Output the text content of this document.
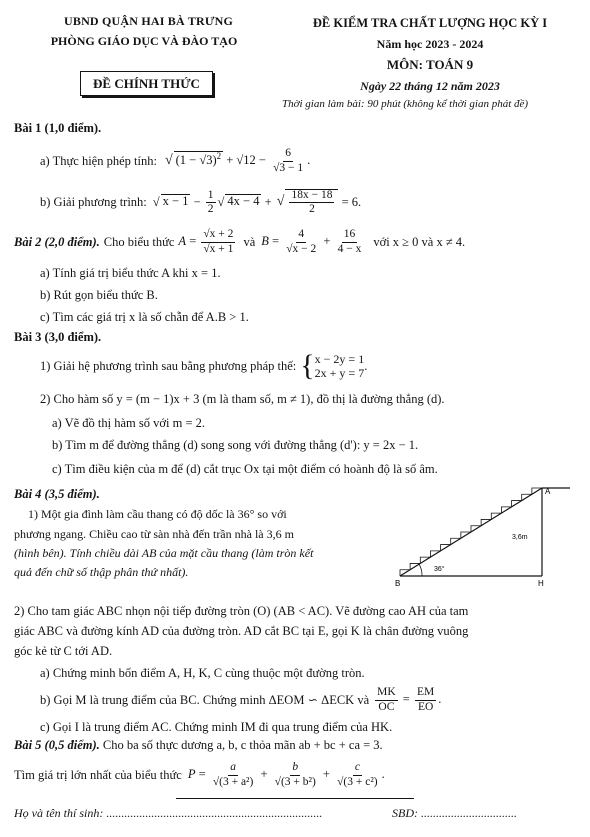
UBND QUẬN HAI BÀ TRƯNG
PHÒNG GIÁO DỤC VÀ ĐÀO TẠO
ĐỀ CHÍNH THỨC
ĐỀ KIỂM TRA CHẤT LƯỢNG HỌC KỲ I
Năm học 2023 - 2024
MÔN: TOÁN 9
Ngày 22 tháng 12 năm 2023
Thời gian làm bài: 90 phút (không kể thời gian phát đề)
Bài 1 (1,0 điểm).
a) Thực hiện phép tính: √ $(1 - √3)^2 + √12 - \frac{6}{√3 - 1}$ .
b) Giải phương trình: √ $x - 1 - \frac{1}{2}$ √ 4x − 4 + √ $\frac{18x - 18}{2} = 6$.
Bài 2 (2,0 điểm). Cho biểu thức $A = \frac{√x + 2}{√x + 1}$ và $B = \frac{4}{√x - 2} + \frac{16}{4 - x}$ với x ≥ 0 và x ≠ 4.
a) Tính giá trị biểu thức A khi x = 1.
b) Rút gọn biểu thức B.
c) Tìm các giá trị x là số chẵn để A.B > 1.
Bài 3 (3,0 điểm).
1) Giải hệ phương trình sau bằng phương pháp thế: { x − 2y = 1
2x + y = 7
.
2) Cho hàm số y = (m − 1)x + 3 (m là tham số, m ≠ 1), đồ thị là đường thẳng (d).
a) Vẽ đồ thị hàm số với m = 2.
b) Tìm m để đường thẳng (d) song song với đường thẳng (d'): y = 2x − 1.
c) Tìm điều kiện của m để (d) cắt trục Ox tại một điểm có hoành độ là số âm.
Bài 4 (3,5 điểm).
1) Một gia đình làm cầu thang có độ dốc là 36° so với
phương ngang. Chiều cao từ sàn nhà đến trần nhà là 3,6 m
(hình bên). Tính chiều dài AB của mặt cầu thang (làm tròn kết
quả đến chữ số thập phân thứ nhất).	36°
3,6m
A
B	H
2) Cho tam giác ABC nhọn nội tiếp đường tròn (O) (AB < AC). Vẽ đường cao AH của tam
giác ABC và đường kính AD của đường tròn. AD cắt BC tại E, gọi K là chân đường vuông
góc kẻ từ C tới AD.
a) Chứng minh bốn điểm A, H, K, C cùng thuộc một đường tròn.
b) Gọi M là trung điểm của BC. Chứng minh ΔEOM ∽ ΔECK và $\frac{MK}{OC} = \frac{EM}{EO}$ .
c) Gọi I là trung điểm AC. Chứng minh IM đi qua trung điểm của HK.
Bài 5 (0,5 điểm). Cho ba số thực dương a, b, c thỏa mãn ab + bc + ca = 3.
Tìm giá trị lớn nhất của biểu thức $P = \frac{a}{\text{√(3 + a²)}} + \frac{b}{\text{√(3 + b²)}} + \frac{c}{\text{√(3 + c²)}}$ .
Họ và tên thí sinh: ........................................................................	SBD: ................................
